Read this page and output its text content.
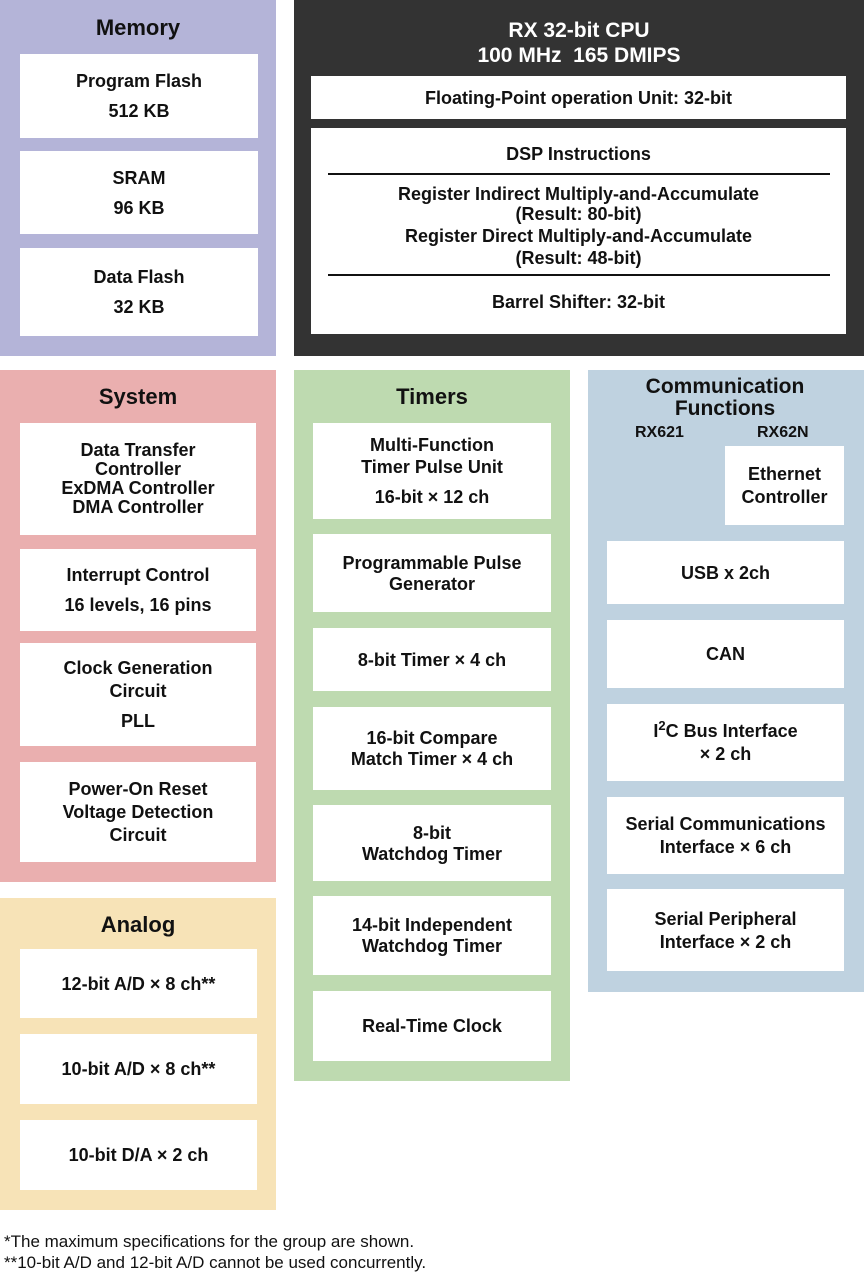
Memory
Program Flash
512 KB
SRAM
96 KB
Data Flash
32 KB
RX 32-bit CPU
100 MHz  165 DMIPS
Floating-Point operation Unit: 32-bit
DSP Instructions
Register Indirect Multiply-and-Accumulate
(Result: 80-bit)
Register Direct Multiply-and-Accumulate
(Result: 48-bit)
Barrel Shifter: 32-bit
System
Data Transfer
Controller
ExDMA Controller
DMA Controller
Interrupt Control
16 levels, 16 pins
Clock Generation
Circuit
PLL
Power-On Reset
Voltage Detection
Circuit
Analog
12-bit A/D × 8 ch**
10-bit A/D × 8 ch**
10-bit D/A × 2 ch
Timers
Multi-Function
Timer Pulse Unit
16-bit × 12 ch
Programmable Pulse
Generator
8-bit Timer × 4 ch
16-bit Compare
Match Timer × 4 ch
8-bit
Watchdog Timer
14-bit Independent
Watchdog Timer
Real-Time Clock
Communication
Functions
RX621	RX62N
Ethernet
Controller
USB x 2ch
CAN
$I^2C$ Bus Interface
× 2 ch
Serial Communications
Interface × 6 ch
Serial Peripheral
Interface × 2 ch
*The maximum specifications for the group are shown.
**10-bit A/D and 12-bit A/D cannot be used concurrently.
